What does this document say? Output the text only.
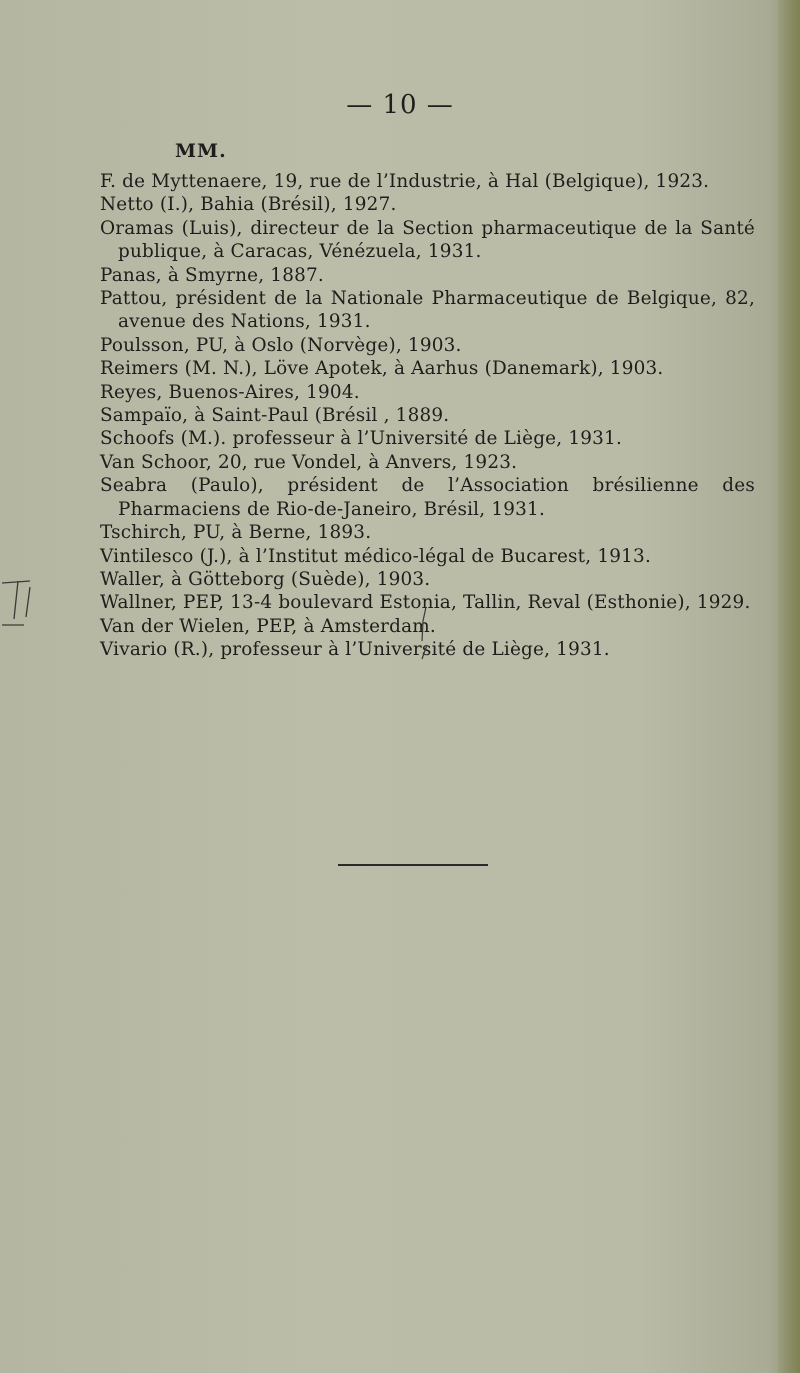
— 10 —
MM.
F. de Myttenaere, 19, rue de l’Industrie, à Hal (Belgique), 1923.
Netto (I.), Bahia (Brésil), 1927.
Oramas (Luis), directeur de la Section pharmaceutique de la Santé publique, à Caracas, Vénézuela, 1931.
Panas, à Smyrne, 1887.
Pattou, président de la Nationale Pharmaceutique de Belgique, 82, avenue des Nations, 1931.
Poulsson, PU, à Oslo (Norvège), 1903.
Reimers (M. N.), Löve Apotek, à Aarhus (Danemark), 1903.
Reyes, Buenos-Aires, 1904.
Sampaïo, à Saint-Paul (Brésil , 1889.
Schoofs (M.). professeur à l’Université de Liège, 1931.
Van Schoor, 20, rue Vondel, à Anvers, 1923.
Seabra (Paulo), président de l’Association brésilienne des Pharmaciens de Rio-de-Janeiro, Brésil, 1931.
Tschirch, PU, à Berne, 1893.
Vintilesco (J.), à l’Institut médico-légal de Bucarest, 1913.
Waller, à Götteborg (Suède), 1903.
Wallner, PEP, 13-4 boulevard Estonia, Tallin, Reval (Esthonie), 1929.
Van der Wielen, PEP, à Amsterdam.
Vivario (R.), professeur à l’Université de Liège, 1931.
